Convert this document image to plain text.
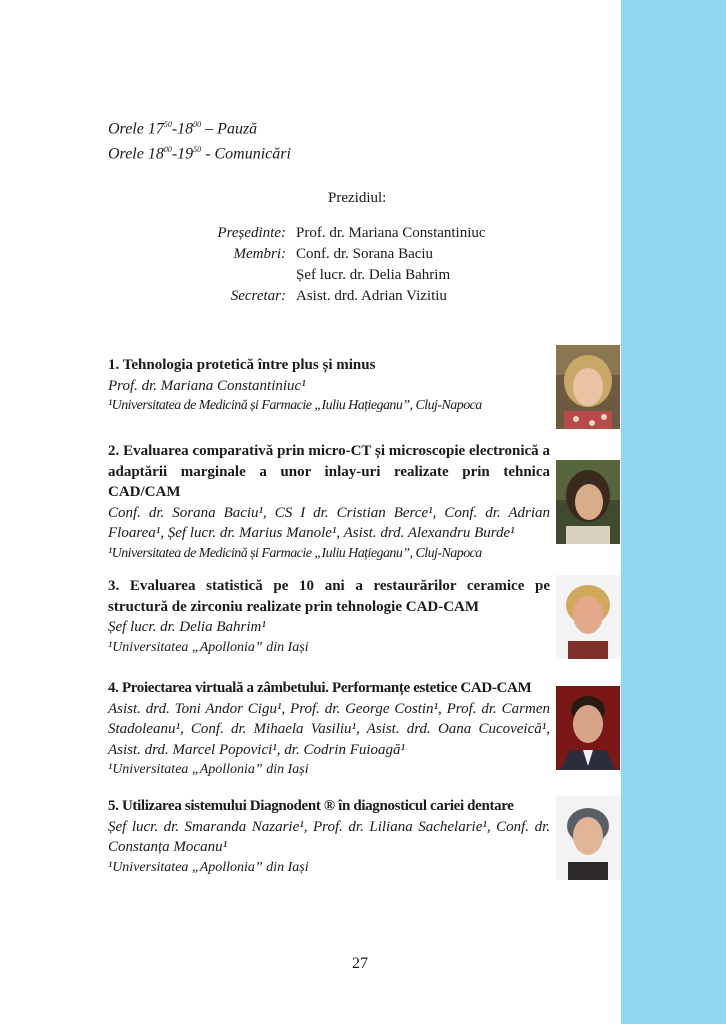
Orele $17^{50}-18^{00}$ – Pauză
Orele $18^{00}-19^{50}$ - Comunicări
Prezidiul:
Președinte: Prof. dr. Mariana Constantiniuc
Membri: Conf. dr. Sorana Baciu
Șef lucr. dr. Delia Bahrim
Secretar: Asist. drd. Adrian Vizitiu
1. Tehnologia protetică între plus și minus
Prof. dr. Mariana Constantiniuc¹
¹Universitatea de Medicină și Farmacie „Iuliu Hațieganu”, Cluj-Napoca
2. Evaluarea comparativă prin micro-CT și microscopie electronică a adaptării marginale a unor inlay-uri realizate prin tehnica CAD/CAM
Conf. dr. Sorana Baciu¹, CS I dr. Cristian Berce¹, Conf. dr. Adrian Floarea¹, Șef lucr. dr. Marius Manole¹, Asist. drd. Alexandru Burde¹
¹Universitatea de Medicină și Farmacie „Iuliu Hațieganu”, Cluj-Napoca
3. Evaluarea statistică pe 10 ani a restaurărilor ceramice pe structură de zirconiu realizate prin tehnologie CAD-CAM
Șef lucr. dr. Delia Bahrim¹
¹Universitatea „Apollonia” din Iași
4. Proiectarea virtuală a zâmbetului. Performanțe estetice CAD-CAM
Asist. drd. Toni Andor Cigu¹, Prof. dr. George Costin¹, Prof. dr. Carmen Stadoleanu¹, Conf. dr. Mihaela Vasiliu¹, Asist. drd. Oana Cucoveică¹, Asist. drd. Marcel Popovici¹, dr. Codrin Fuioagă¹
¹Universitatea „Apollonia” din Iași
5. Utilizarea sistemului Diagnodent ® în diagnosticul cariei dentare
Șef lucr. dr. Smaranda Nazarie¹, Prof. dr. Liliana Sachelarie¹, Conf. dr. Constanța Mocanu¹
¹Universitatea „Apollonia” din Iași
27
